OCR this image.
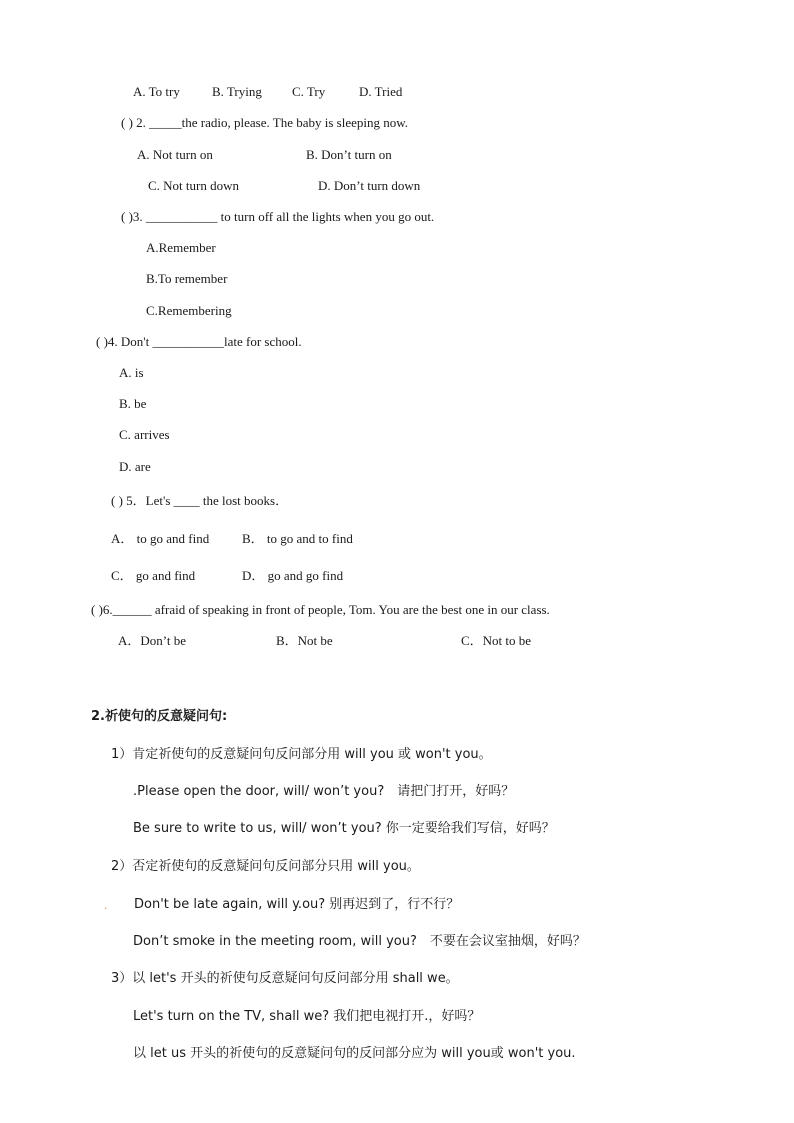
A. To try B. Trying C. Try	D. Tried
( ) 2. _____the radio, please. The baby is sleeping now.
A. Not turn on	B. Don’t turn on
C. Not turn down	D. Don’t turn down
( )3. ___________ to turn off all the lights when you go out.
A.Remember
B.To remember
C.Remembering
( )4. Don't ___________late for school.
A. is
B. be
C. arrives
D. are
( ) 5．Let's ____ the lost books．
A． to go and find	B． to go and to find
C． go and find	D． go and go find
( )6.______ afraid of speaking in front of people, Tom. You are the best one in our class.
A．Don’t be	B．Not be	C．Not to be
2.祈使句的反意疑问句:
1）肯定祈使句的反意疑问句反问部分用 will you 或 won't you。
.Please open the door, will/ won’t you?　请把门打开，好吗？
Be sure to write to us, will/ won’t you? 你一定要给我们写信，好吗？
2）否定祈使句的反意疑问句反问部分只用 will you。
. Don't be late again, will y.ou? 别再迟到了，行不行？
Don’t smoke in the meeting room, will you?　不要在会议室抽烟，好吗？
3）以 let's 开头的祈使句反意疑问句反问部分用 shall we。
Let's turn on the TV, shall we? 我们把电视打开.，好吗？
以 let us 开头的祈使句的反意疑问句的反问部分应为 will you或 won't you.
